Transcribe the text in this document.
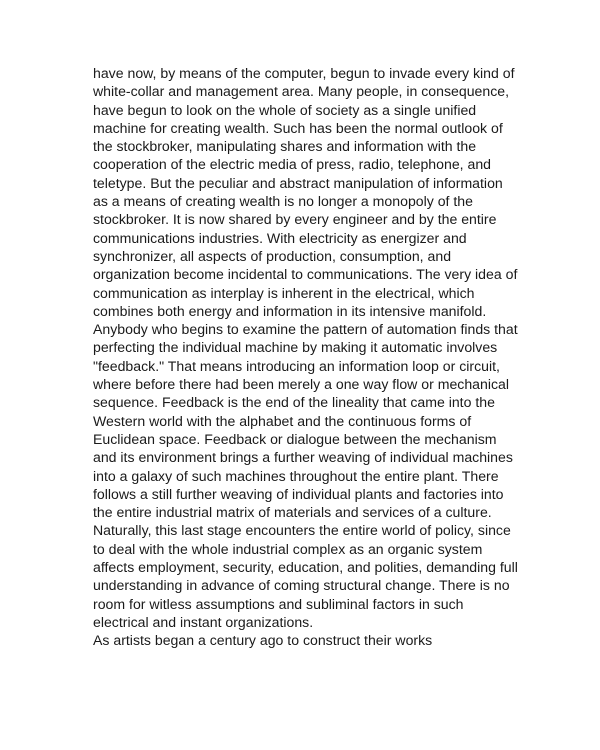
have now, by means of the computer, begun to invade every kind of
white-collar and management area. Many people, in consequence,
have begun to look on the whole of society as a single unified
machine for creating wealth. Such has been the normal outlook of
the stockbroker, manipulating shares and information with the
cooperation of the electric media of press, radio, telephone, and
teletype. But the peculiar and abstract manipulation of information
as a means of creating wealth is no longer a monopoly of the
stockbroker. It is now shared by every engineer and by the entire
communications industries. With electricity as energizer and
synchronizer, all aspects of production, consumption, and
organization become incidental to communications. The very idea of
communication as interplay is inherent in the electrical, which
combines both energy and information in its intensive manifold.
Anybody who begins to examine the pattern of automation finds that
perfecting the individual machine by making it automatic involves
"feedback." That means introducing an information loop or circuit,
where before there had been merely a one way flow or mechanical
sequence. Feedback is the end of the lineality that came into the
Western world with the alphabet and the continuous forms of
Euclidean space. Feedback or dialogue between the mechanism
and its environment brings a further weaving of individual machines
into a galaxy of such machines throughout the entire plant. There
follows a still further weaving of individual plants and factories into
the entire industrial matrix of materials and services of a culture.
Naturally, this last stage encounters the entire world of policy, since
to deal with the whole industrial complex as an organic system
affects employment, security, education, and polities, demanding full
understanding in advance of coming structural change. There is no
room for witless assumptions and subliminal factors in such
electrical and instant organizations.
As artists began a century ago to construct their works
